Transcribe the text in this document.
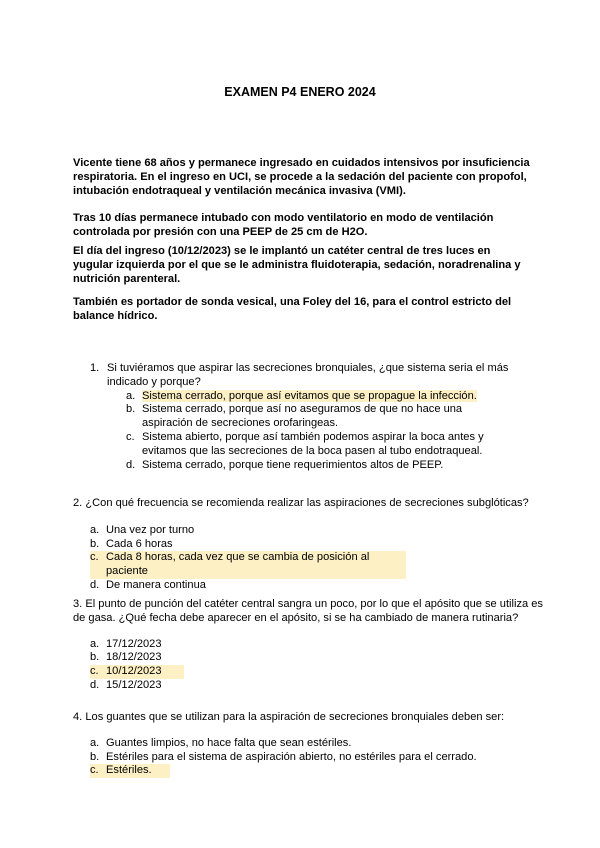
EXAMEN P4 ENERO 2024
Vicente tiene 68 años y permanece ingresado en cuidados intensivos por insuficiencia respiratoria. En el ingreso en UCI, se procede a la sedación del paciente con propofol, intubación endotraqueal y ventilación mecánica invasiva (VMI).
Tras 10 días permanece intubado con modo ventilatorio en modo de ventilación controlada por presión con una PEEP de 25 cm de H2O.
El día del ingreso (10/12/2023) se le implantó un catéter central de tres luces en yugular izquierda por el que se le administra fluidoterapia, sedación, noradrenalina y nutrición parenteral.
También es portador de sonda vesical, una Foley del 16, para el control estricto del balance hídrico.
1. Si tuviéramos que aspirar las secreciones bronquiales, ¿que sistema seria el más indicado y porque?
a. Sistema cerrado, porque así evitamos que se propague la infección.
b. Sistema cerrado, porque así no aseguramos de que no hace una aspiración de secreciones orofaringeas.
c. Sistema abierto, porque así también podemos aspirar la boca antes y evitamos que las secreciones de la boca pasen al tubo endotraqueal.
d. Sistema cerrado, porque tiene requerimientos altos de PEEP.
2. ¿Con qué frecuencia se recomienda realizar las aspiraciones de secreciones subglóticas?
a. Una vez por turno
b. Cada 6 horas
c. Cada 8 horas, cada vez que se cambia de posición al paciente
d. De manera continua
3. El punto de punción del catéter central sangra un poco, por lo que el apósito que se utiliza es de gasa. ¿Qué fecha debe aparecer en el apósito, si se ha cambiado de manera rutinaria?
a. 17/12/2023
b. 18/12/2023
c. 10/12/2023
d. 15/12/2023
4. Los guantes que se utilizan para la aspiración de secreciones bronquiales deben ser:
a. Guantes limpios, no hace falta que sean estériles.
b. Estériles para el sistema de aspiración abierto, no estériles para el cerrado.
c. Estériles.
